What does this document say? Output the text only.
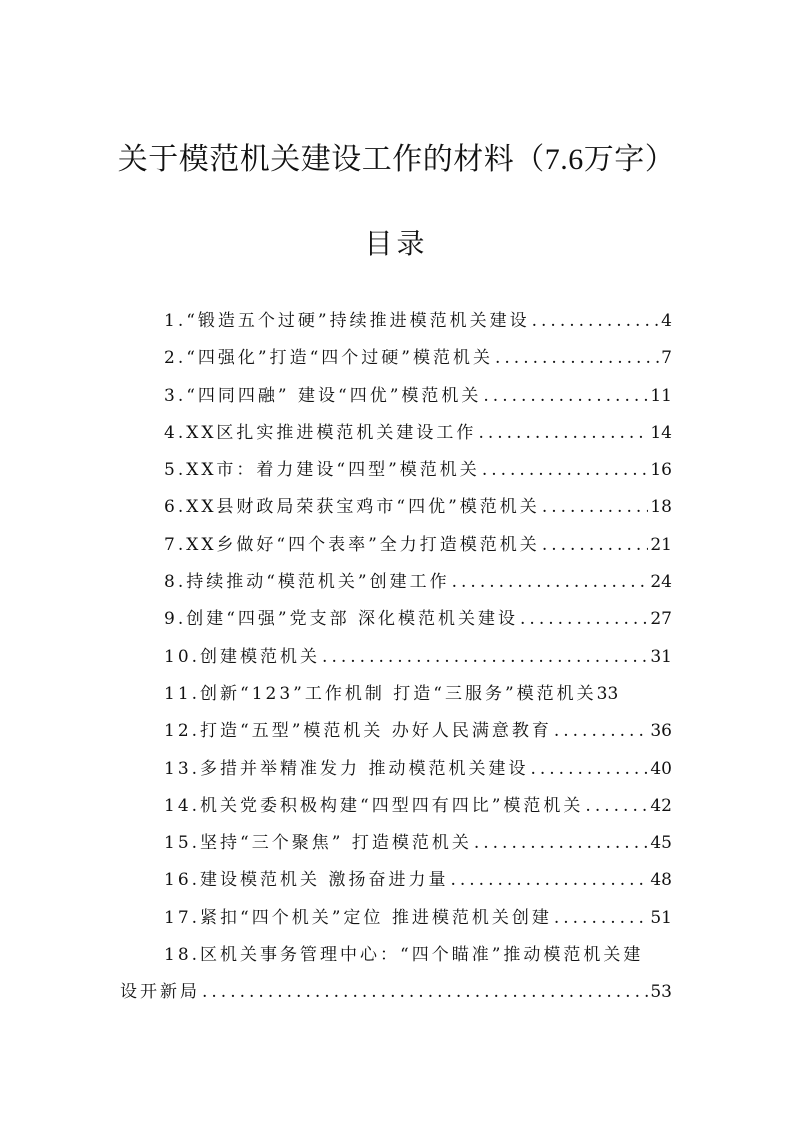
关于模范机关建设工作的材料（7.6万字）
目录
1.“锻造五个过硬”持续推进模范机关建设 .....	4
2.“四强化”打造“四个过硬”模范机关 .....	7
3.“四同四融” 建设“四优”模范机关 .....	11
4.XX区扎实推进模范机关建设工作 .....	14
5.XX市：着力建设“四型”模范机关 .....	16
6.XX县财政局荣获宝鸡市“四优”模范机关 .....	18
7.XX乡做好“四个表率”全力打造模范机关 .....	21
8.持续推动“模范机关”创建工作 .....	24
9.创建“四强”党支部 深化模范机关建设 .....	27
10.创建模范机关 .....	31
11.创新“123”工作机制 打造“三服务”模范机关 33
12.打造“五型”模范机关 办好人民满意教育 .....	36
13.多措并举精准发力 推动模范机关建设 .....	40
14.机关党委积极构建“四型四有四比”模范机关 .....	42
15.坚持“三个聚焦” 打造模范机关 .....	45
16.建设模范机关 激扬奋进力量 .....	48
17.紧扣“四个机关”定位 推进模范机关创建 .....	51
18.区机关事务管理中心：“四个瞄准”推动模范机关建
设开新局 .....	53
